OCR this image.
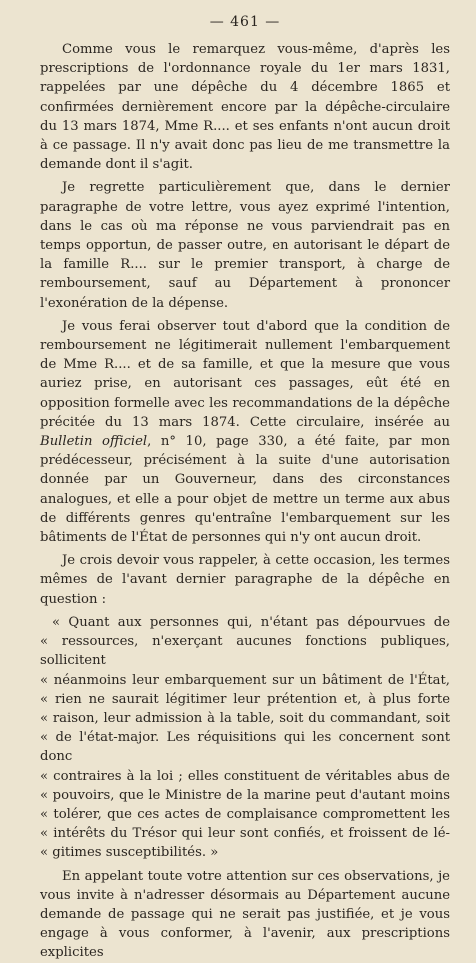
— 461 —

Comme vous le remarquez vous-même, d'après les prescriptions de l'ordonnance royale du 1er mars 1831, rappelées par une dépêche du 4 décembre 1865 et confirmées dernièrement encore par la dépêche-circulaire du 13 mars 1874, Mme R.... et ses enfants n'ont aucun droit à ce passage. Il n'y avait donc pas lieu de me transmettre la demande dont il s'agit.

Je regrette particulièrement que, dans le dernier paragraphe de votre lettre, vous ayez exprimé l'intention, dans le cas où ma réponse ne vous parviendrait pas en temps opportun, de passer outre, en autorisant le départ de la famille R.... sur le premier transport, à charge de remboursement, sauf au Département à prononcer l'exonération de la dépense.

Je vous ferai observer tout d'abord que la condition de remboursement ne légitimerait nullement l'embarquement de Mme R.... et de sa famille, et que la mesure que vous auriez prise, en autorisant ces passages, eût été en opposition formelle avec les recommandations de la dépêche précitée du 13 mars 1874. Cette circulaire, insérée au Bulletin officiel, n° 10, page 330, a été faite, par mon prédécesseur, précisément à la suite d'une autorisation donnée par un Gouverneur, dans des circonstances analogues, et elle a pour objet de mettre un terme aux abus de différents genres qu'entraîne l'embarquement sur les bâtiments de l'État de personnes qui n'y ont aucun droit.

Je crois devoir vous rappeler, à cette occasion, les termes mêmes de l'avant dernier paragraphe de la dépêche en question :

« Quant aux personnes qui, n'étant pas dépourvues de
« ressources, n'exerçant aucunes fonctions publiques, sollicitent
« néanmoins leur embarquement sur un bâtiment de l'État,
« rien ne saurait légitimer leur prétention et, à plus forte
« raison, leur admission à la table, soit du commandant, soit
« de l'état-major. Les réquisitions qui les concernent sont donc
« contraires à la loi ; elles constituent de véritables abus de
« pouvoirs, que le Ministre de la marine peut d'autant moins
« tolérer, que ces actes de complaisance compromettent les
« intérêts du Trésor qui leur sont confiés, et froissent de lé-
« gitimes susceptibilités. »

En appelant toute votre attention sur ces observations, je vous invite à n'adresser désormais au Département aucune demande de passage qui ne serait pas justifiée, et je vous engage à vous conformer, à l'avenir, aux prescriptions explicites
